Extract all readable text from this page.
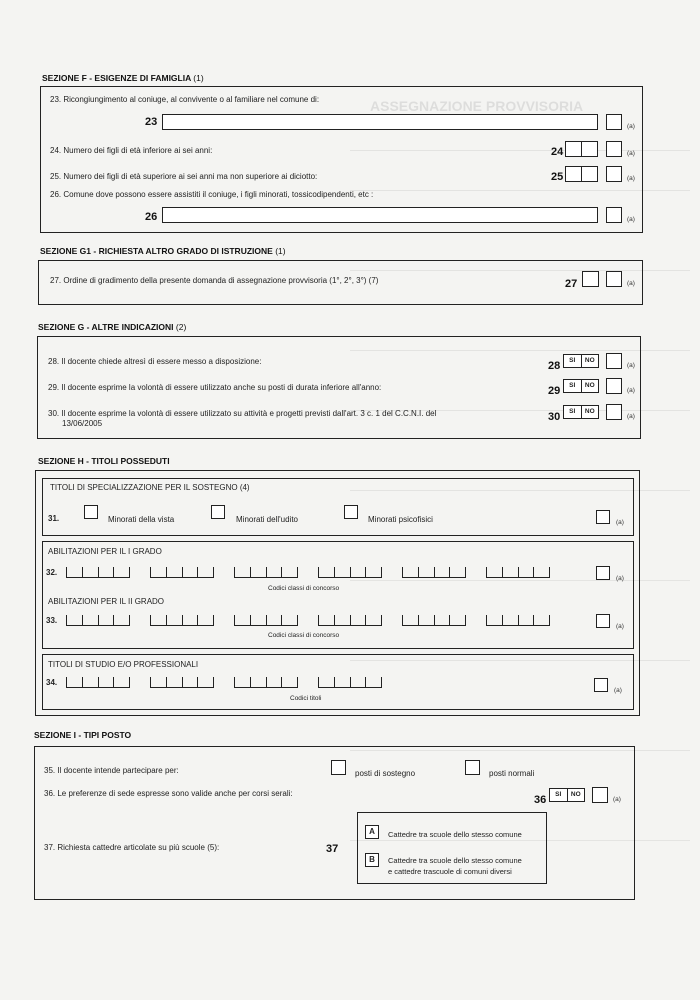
ASSEGNAZIONE PROVVISORIA
SEZIONE F - ESIGENZE DI FAMIGLIA (1)
23. Ricongiungimento al coniuge, al convivente o al familiare nel comune di:
23	(a)
24. Numero dei figli di età inferiore ai sei anni:	24	(a)
25. Numero dei figli di età superiore ai sei anni ma non superiore ai diciotto:	25	(a)
26. Comune dove possono essere assistiti il coniuge, i figli minorati, tossicodipendenti, etc :
26	(a)
SEZIONE G1 - RICHIESTA ALTRO GRADO DI ISTRUZIONE (1)
27. Ordine di gradimento della presente domanda di assegnazione provvisoria (1°, 2°, 3°) (7)	27	(a)
SEZIONE G - ALTRE INDICAZIONI (2)
28. Il docente chiede altresì di essere messo a disposizione:	28	SI	NO
(a)
29. Il docente esprime la volontà di essere utilizzato anche su posti di durata inferiore all'anno:	29	SI	NO
(a)
30. Il docente esprime la volontà di essere utilizzato su attività e progetti previsti dall'art. 3 c. 1 del C.C.N.I. del
13/06/2005
30	SI	NO
(a)
SEZIONE H - TITOLI POSSEDUTI
TITOLI DI SPECIALIZZAZIONE PER IL SOSTEGNO (4)
31.	Minorati della vista	Minorati dell'udito	Minorati psicofisici	(a)
ABILITAZIONI PER IL I GRADO
32.
Codici classi di concorso
(a)
ABILITAZIONI PER IL II GRADO
33.
Codici classi di concorso
(a)
TITOLI DI STUDIO E/O PROFESSIONALI
34.
Codici titoli
(a)
SEZIONE I - TIPI POSTO
35. Il docente intende partecipare per:	posti di sostegno	posti normali
36. Le preferenze di sede espresse sono valide anche per corsi serali:
36	SI	NO
(a)
37. Richiesta cattedre articolate su più scuole (5):	37
A	Cattedre tra scuole dello stesso comune
B	Cattedre tra scuole dello stesso comune
e cattedre trascuole di comuni diversi
